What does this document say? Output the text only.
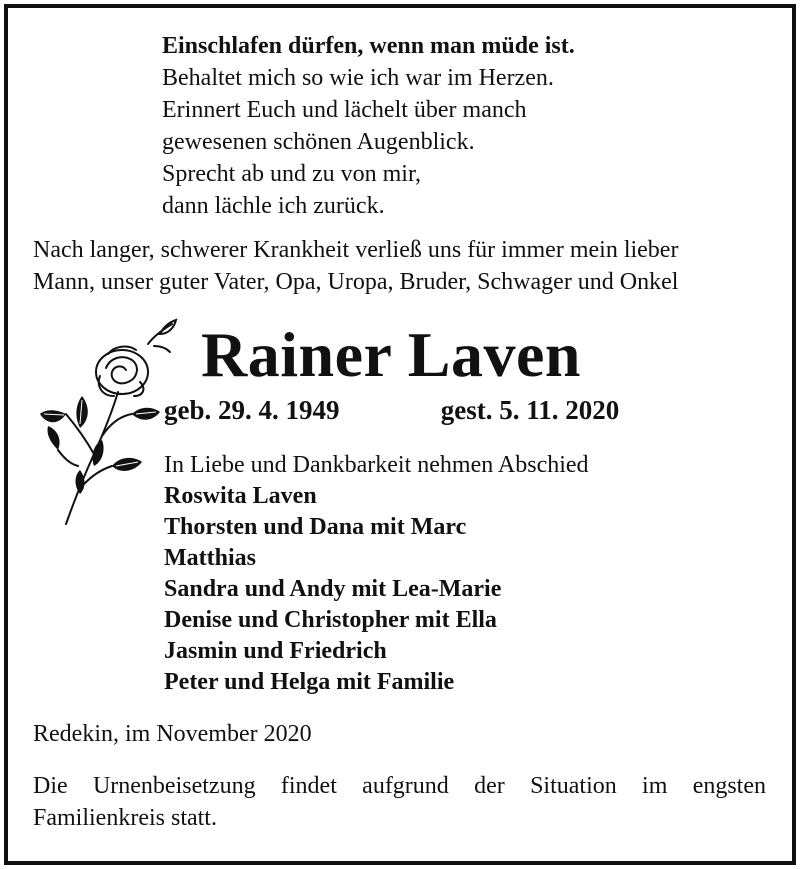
Einschlafen dürfen, wenn man müde ist.
Behaltet mich so wie ich war im Herzen.
Erinnert Euch und lächelt über manch
gewesenen schönen Augenblick.
Sprecht ab und zu von mir,
dann lächle ich zurück.
Nach langer, schwerer Krankheit verließ uns für immer mein lieber
Mann, unser guter Vater, Opa, Uropa, Bruder, Schwager und Onkel
Rainer Laven
geb. 29. 4. 1949	gest. 5. 11. 2020
In Liebe und Dankbarkeit nehmen Abschied
Roswita Laven
Thorsten und Dana mit Marc
Matthias
Sandra und Andy mit Lea-Marie
Denise und Christopher mit Ella
Jasmin und Friedrich
Peter und Helga mit Familie
Redekin, im November 2020
Die Urnenbeisetzung findet aufgrund der Situation im engsten
Familienkreis statt.
